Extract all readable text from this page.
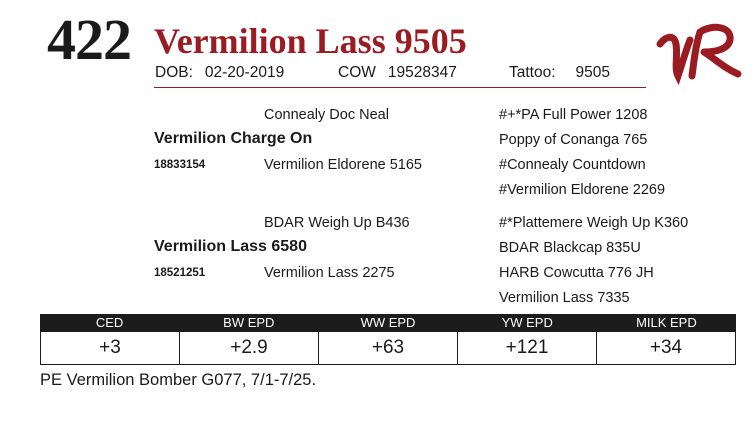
422 Vermilion Lass 9505
DOB: 02-20-2019	COW 19528347	Tattoo: 9505
Connealy Doc Neal
Vermilion Charge On
18833154	Vermilion Eldorene 5165
#+*PA Full Power 1208
Poppy of Conanga 765
#Connealy Countdown
#Vermilion Eldorene 2269
BDAR Weigh Up B436
Vermilion Lass 6580
18521251	Vermilion Lass 2275
#*Plattemere Weigh Up K360
BDAR Blackcap 835U
HARB Cowcutta 776 JH
Vermilion Lass 7335
CED	BW EPD	WW EPD	YW EPD	MILK EPD
+3	+2.9	+63	+121	+34
PE Vermilion Bomber G077, 7/1-7/25.
